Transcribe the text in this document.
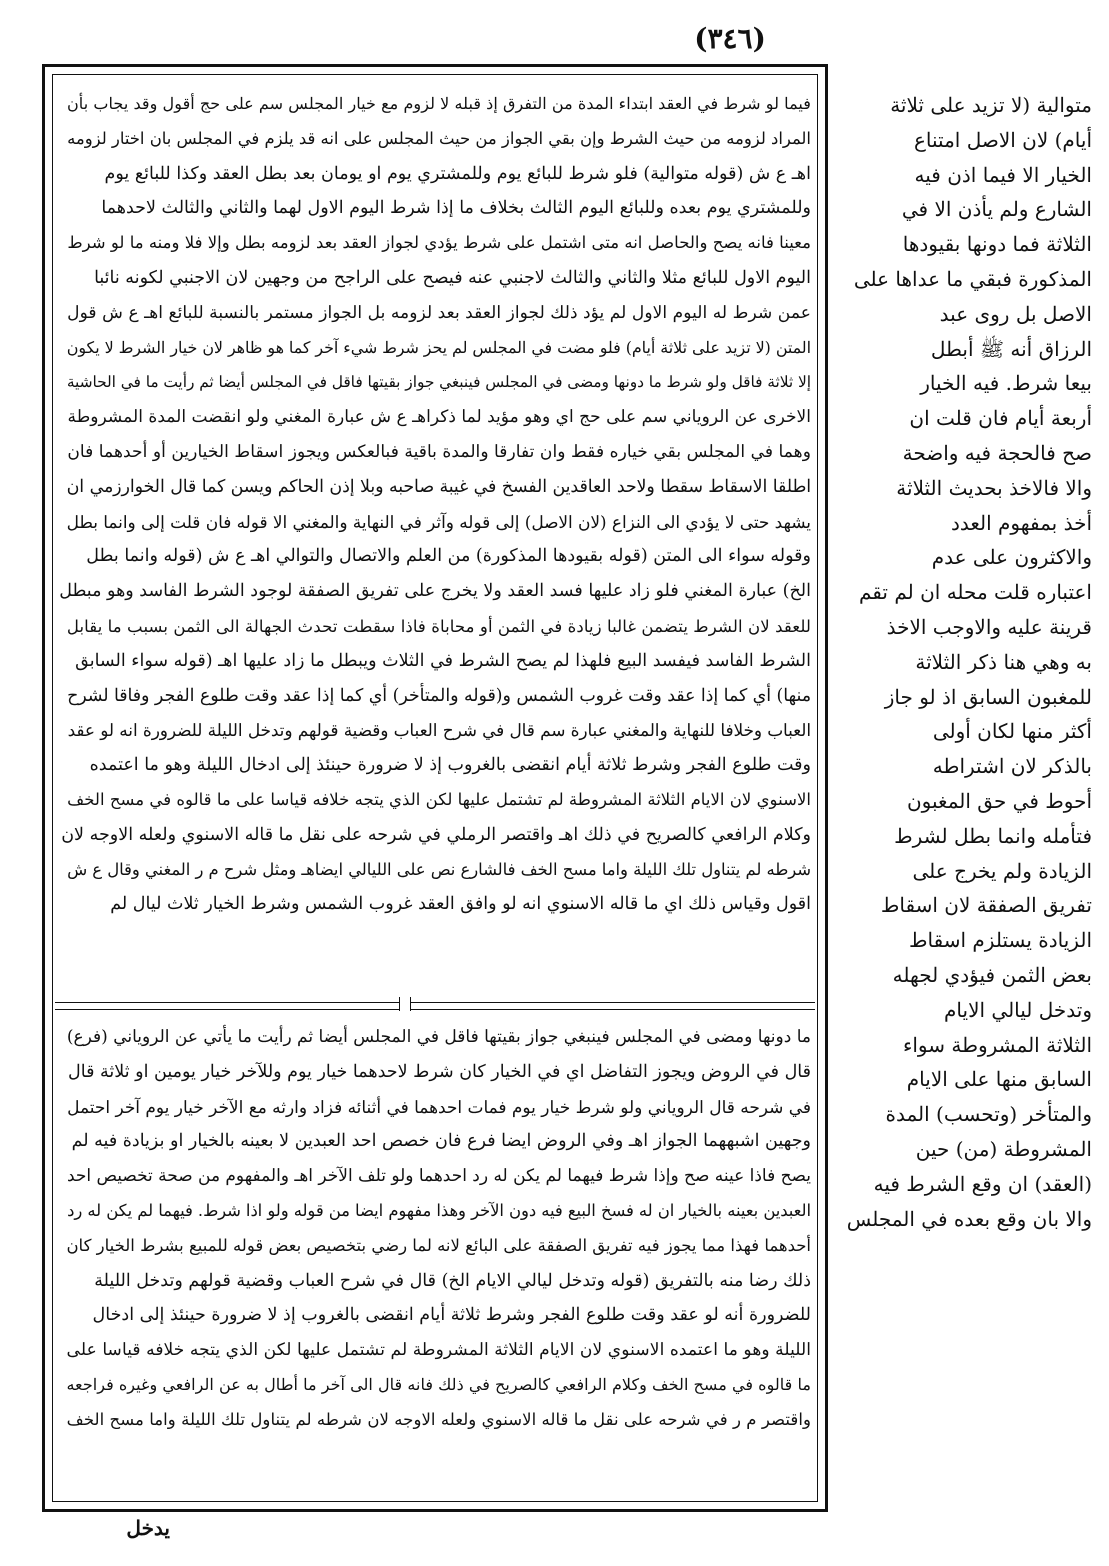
(٣٤٦)
فيما لو شرط في العقد ابتداء المدة من التفرق إذ قبله لا لزوم مع خيار المجلس سم على حج أقول وقد يجاب بأن
المراد لزومه من حيث الشرط وإن بقي الجواز من حيث المجلس على انه قد يلزم في المجلس بان اختار لزومه
اهـ ع ش (قوله متوالية) فلو شرط للبائع يوم وللمشتري يوم او يومان بعد بطل العقد وكذا للبائع يوم
وللمشتري يوم بعده وللبائع اليوم الثالث بخلاف ما إذا شرط اليوم الاول لهما والثاني والثالث لاحدهما
معينا فانه يصح والحاصل انه متى اشتمل على شرط يؤدي لجواز العقد بعد لزومه بطل وإلا فلا ومنه ما لو شرط
اليوم الاول للبائع مثلا والثاني والثالث لاجنبي عنه فيصح على الراجح من وجهين لان الاجنبي لكونه نائبا
عمن شرط له اليوم الاول لم يؤد ذلك لجواز العقد بعد لزومه بل الجواز مستمر بالنسبة للبائع اهـ ع ش قول
المتن (لا تزيد على ثلاثة أيام) فلو مضت في المجلس لم يحز شرط شيء آخر كما هو ظاهر لان خيار الشرط لا يكون
إلا ثلاثة فاقل ولو شرط ما دونها ومضى في المجلس فينبغي جواز بقيتها فاقل في المجلس أيضا ثم رأيت ما في الحاشية
الاخرى عن الروياني سم على حج اي وهو مؤيد لما ذكراهـ ع ش عبارة المغني ولو انقضت المدة المشروطة
وهما في المجلس بقي خياره فقط وان تفارقا والمدة باقية فبالعكس ويجوز اسقاط الخيارين أو أحدهما فان
اطلقا الاسقاط سقطا ولاحد العاقدين الفسخ في غيبة صاحبه وبلا إذن الحاكم ويسن كما قال الخوارزمي ان
يشهد حتى لا يؤدي الى النزاع (لان الاصل) إلى قوله وآثر في النهاية والمغني الا قوله فان قلت إلى وانما بطل
وقوله سواء الى المتن (قوله بقيودها المذكورة) من العلم والاتصال والتوالي اهـ ع ش (قوله وانما بطل
الخ) عبارة المغني فلو زاد عليها فسد العقد ولا يخرج على تفريق الصفقة لوجود الشرط الفاسد وهو مبطل
للعقد لان الشرط يتضمن غالبا زيادة في الثمن أو محاباة فاذا سقطت تحدث الجهالة الى الثمن بسبب ما يقابل
الشرط الفاسد فيفسد البيع فلهذا لم يصح الشرط في الثلاث ويبطل ما زاد عليها اهـ (قوله سواء السابق
منها) أي كما إذا عقد وقت غروب الشمس و(قوله والمتأخر) أي كما إذا عقد وقت طلوع الفجر وفاقا لشرح
العباب وخلافا للنهاية والمغني عبارة سم قال في شرح العباب وقضية قولهم وتدخل الليلة للضرورة انه لو عقد
وقت طلوع الفجر وشرط ثلاثة أيام انقضى بالغروب إذ لا ضرورة حينئذ إلى ادخال الليلة وهو ما اعتمده
الاسنوي لان الايام الثلاثة المشروطة لم تشتمل عليها لكن الذي يتجه خلافه قياسا على ما قالوه في مسح الخف
وكلام الرافعي كالصريح في ذلك اهـ واقتصر الرملي في شرحه على نقل ما قاله الاسنوي ولعله الاوجه لان
شرطه لم يتناول تلك الليلة واما مسح الخف فالشارع نص على الليالي ايضاهـ ومثل شرح م ر المغني وقال ع ش
اقول وقياس ذلك اي ما قاله الاسنوي انه لو وافق العقد غروب الشمس وشرط الخيار ثلاث ليال لم
ما دونها ومضى في المجلس فينبغي جواز بقيتها فاقل في المجلس أيضا ثم رأيت ما يأتي عن الروياني (فرع)
قال في الروض ويجوز التفاضل اي في الخيار كان شرط لاحدهما خيار يوم وللآخر خيار يومين او ثلاثة قال
في شرحه قال الروياني ولو شرط خيار يوم فمات احدهما في أثنائه فزاد وارثه مع الآخر خيار يوم آخر احتمل
وجهين اشبههما الجواز اهـ وفي الروض ايضا فرع فان خصص احد العبدين لا بعينه بالخيار او بزيادة فيه لم
يصح فاذا عينه صح وإذا شرط فيهما لم يكن له رد احدهما ولو تلف الآخر اهـ والمفهوم من صحة تخصيص احد
العبدين بعينه بالخيار ان له فسخ البيع فيه دون الآخر وهذا مفهوم ايضا من قوله ولو اذا شرط. فيهما لم يكن له رد
أحدهما فهذا مما يجوز فيه تفريق الصفقة على البائع لانه لما رضي بتخصيص بعض قوله للمبيع بشرط الخيار كان
ذلك رضا منه بالتفريق (قوله وتدخل ليالي الايام الخ) قال في شرح العباب وقضية قولهم وتدخل الليلة
للضرورة أنه لو عقد وقت طلوع الفجر وشرط ثلاثة أيام انقضى بالغروب إذ لا ضرورة حينئذ إلى ادخال
الليلة وهو ما اعتمده الاسنوي لان الايام الثلاثة المشروطة لم تشتمل عليها لكن الذي يتجه خلافه قياسا على
ما قالوه في مسح الخف وكلام الرافعي كالصريح في ذلك فانه قال الى آخر ما أطال به عن الرافعي وغيره فراجعه
واقتصر م ر في شرحه على نقل ما قاله الاسنوي ولعله الاوجه لان شرطه لم يتناول تلك الليلة واما مسح الخف
متوالية (لا تزيد على ثلاثة
أيام) لان الاصل امتناع
الخيار الا فيما اذن فيه
الشارع ولم يأذن الا في
الثلاثة فما دونها بقيودها
المذكورة فبقي ما عداها على
الاصل بل روى عبد
الرزاق أنه ﷺ أبطل
بيعا شرط. فيه الخيار
أربعة أيام فان قلت ان
صح فالحجة فيه واضحة
والا فالاخذ بحديث الثلاثة
أخذ بمفهوم العدد
والاكثرون على عدم
اعتباره قلت محله ان لم تقم
قرينة عليه والاوجب الاخذ
به وهي هنا ذكر الثلاثة
للمغبون السابق اذ لو جاز
أكثر منها لكان أولى
بالذكر لان اشتراطه
أحوط في حق المغبون
فتأمله وانما بطل لشرط
الزيادة ولم يخرج على
تفريق الصفقة لان اسقاط
الزيادة يستلزم اسقاط
بعض الثمن فيؤدي لجهله
وتدخل ليالي الايام
الثلاثة المشروطة سواء
السابق منها على الايام
والمتأخر (وتحسب) المدة
المشروطة (من) حين
(العقد) ان وقع الشرط فيه
والا بان وقع بعده في المجلس
يدخل
